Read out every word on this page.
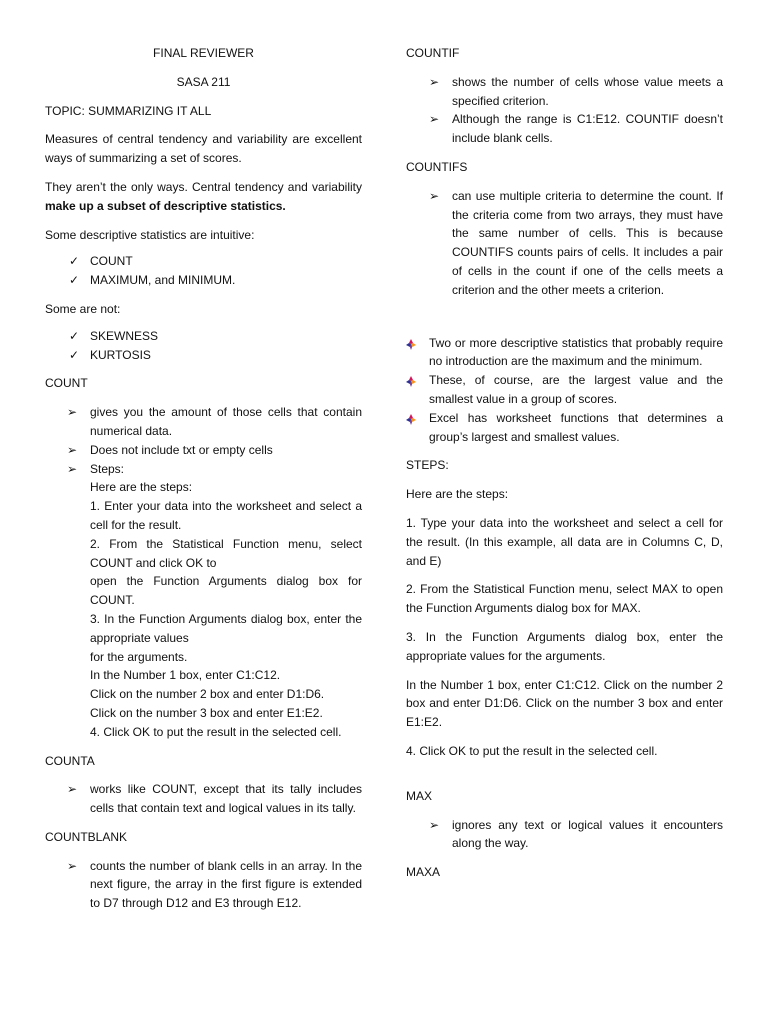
FINAL REVIEWER

SASA 211

TOPIC: SUMMARIZING IT ALL

Measures of central tendency and variability are excellent ways of summarizing a set of scores.

They aren’t the only ways. Central tendency and variability make up a subset of descriptive statistics.

Some descriptive statistics are intuitive:

✓ COUNT
✓ MAXIMUM, and MINIMUM.

Some are not:

✓ SKEWNESS
✓ KURTOSIS

COUNT

➢ gives you the amount of those cells that contain numerical data.
➢ Does not include txt or empty cells
➢ Steps:
Here are the steps:
1. Enter your data into the worksheet and select a cell for the result.
2. From the Statistical Function menu, select COUNT and click OK to
open the Function Arguments dialog box for COUNT.
3. In the Function Arguments dialog box, enter the appropriate values
for the arguments.
In the Number 1 box, enter C1:C12.
Click on the number 2 box and enter D1:D6.
Click on the number 3 box and enter E1:E2.
4. Click OK to put the result in the selected cell.

COUNTA

➢ works like COUNT, except that its tally includes cells that contain text and logical values in its tally.

COUNTBLANK

➢ counts the number of blank cells in an array. In the next figure, the array in the first figure is extended to D7 through D12 and E3 through E12.

COUNTIF

➢ shows the number of cells whose value meets a specified criterion.
➢ Although the range is C1:E12. COUNTIF doesn’t include blank cells.

COUNTIFS

➢ can use multiple criteria to determine the count. If the criteria come from two arrays, they must have the same number of cells. This is because COUNTIFS counts pairs of cells. It includes a pair of cells in the count if one of the cells meets a criterion and the other meets a criterion.
Two or more descriptive statistics that probably require no introduction are the maximum and the minimum.
These, of course, are the largest value and the smallest value in a group of scores.
Excel has worksheet functions that determines a group’s largest and smallest values.

STEPS:

Here are the steps:

1. Type your data into the worksheet and select a cell for the result. (In this example, all data are in Columns C, D, and E)

2. From the Statistical Function menu, select MAX to open the Function Arguments dialog box for MAX.

3. In the Function Arguments dialog box, enter the appropriate values for the arguments.

In the Number 1 box, enter C1:C12. Click on the number 2 box and enter D1:D6. Click on the number 3 box and enter E1:E2.

4. Click OK to put the result in the selected cell.

MAX

➢ ignores any text or logical values it encounters along the way.

MAXA
